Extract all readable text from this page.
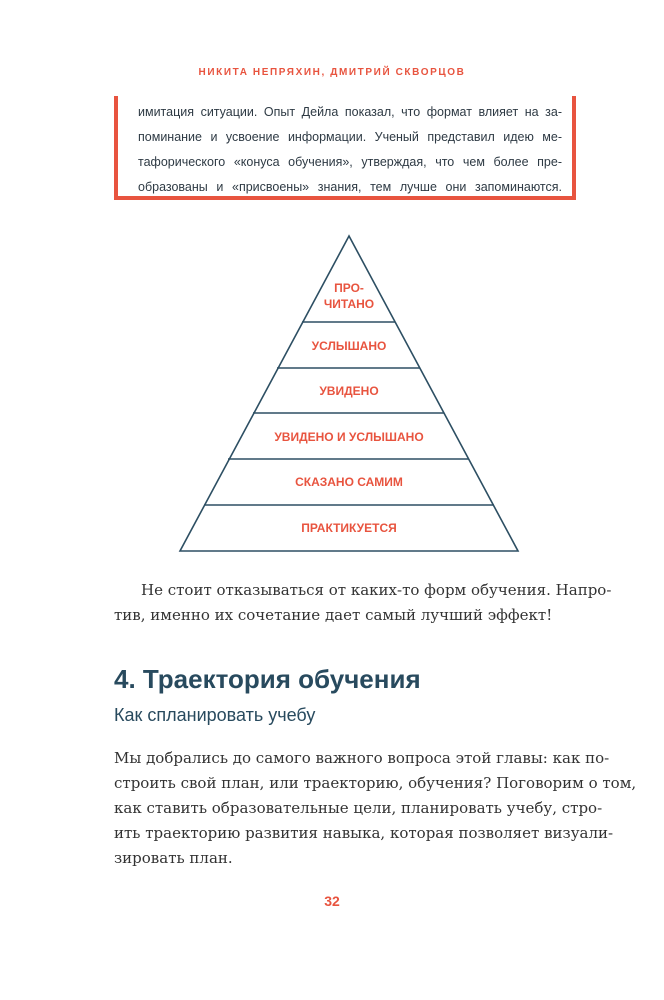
НИКИТА НЕПРЯХИН, ДМИТРИЙ СКВОРЦОВ
имитация ситуации. Опыт Дейла показал, что формат влияет на за-
поминание и усвоение информации. Ученый представил идею ме-
тафорического «конуса обучения», утверждая, что чем более пре-
образованы и «присвоены» знания, тем лучше они запоминаются.
ПРО-
ЧИТАНО
УСЛЫШАНО
УВИДЕНО
УВИДЕНО И УСЛЫШАНО
СКАЗАНО САМИМ
ПРАКТИКУЕТСЯ
Не стоит отказываться от каких-то форм обучения. Напро-
тив, именно их сочетание дает самый лучший эффект!
4. Траектория обучения
Как спланировать учебу
Мы добрались до самого важного вопроса этой главы: как по-
строить свой план, или траекторию, обучения? Поговорим о том,
как ставить образовательные цели, планировать учебу, стро-
ить траекторию развития навыка, которая позволяет визуали-
зировать план.
32
